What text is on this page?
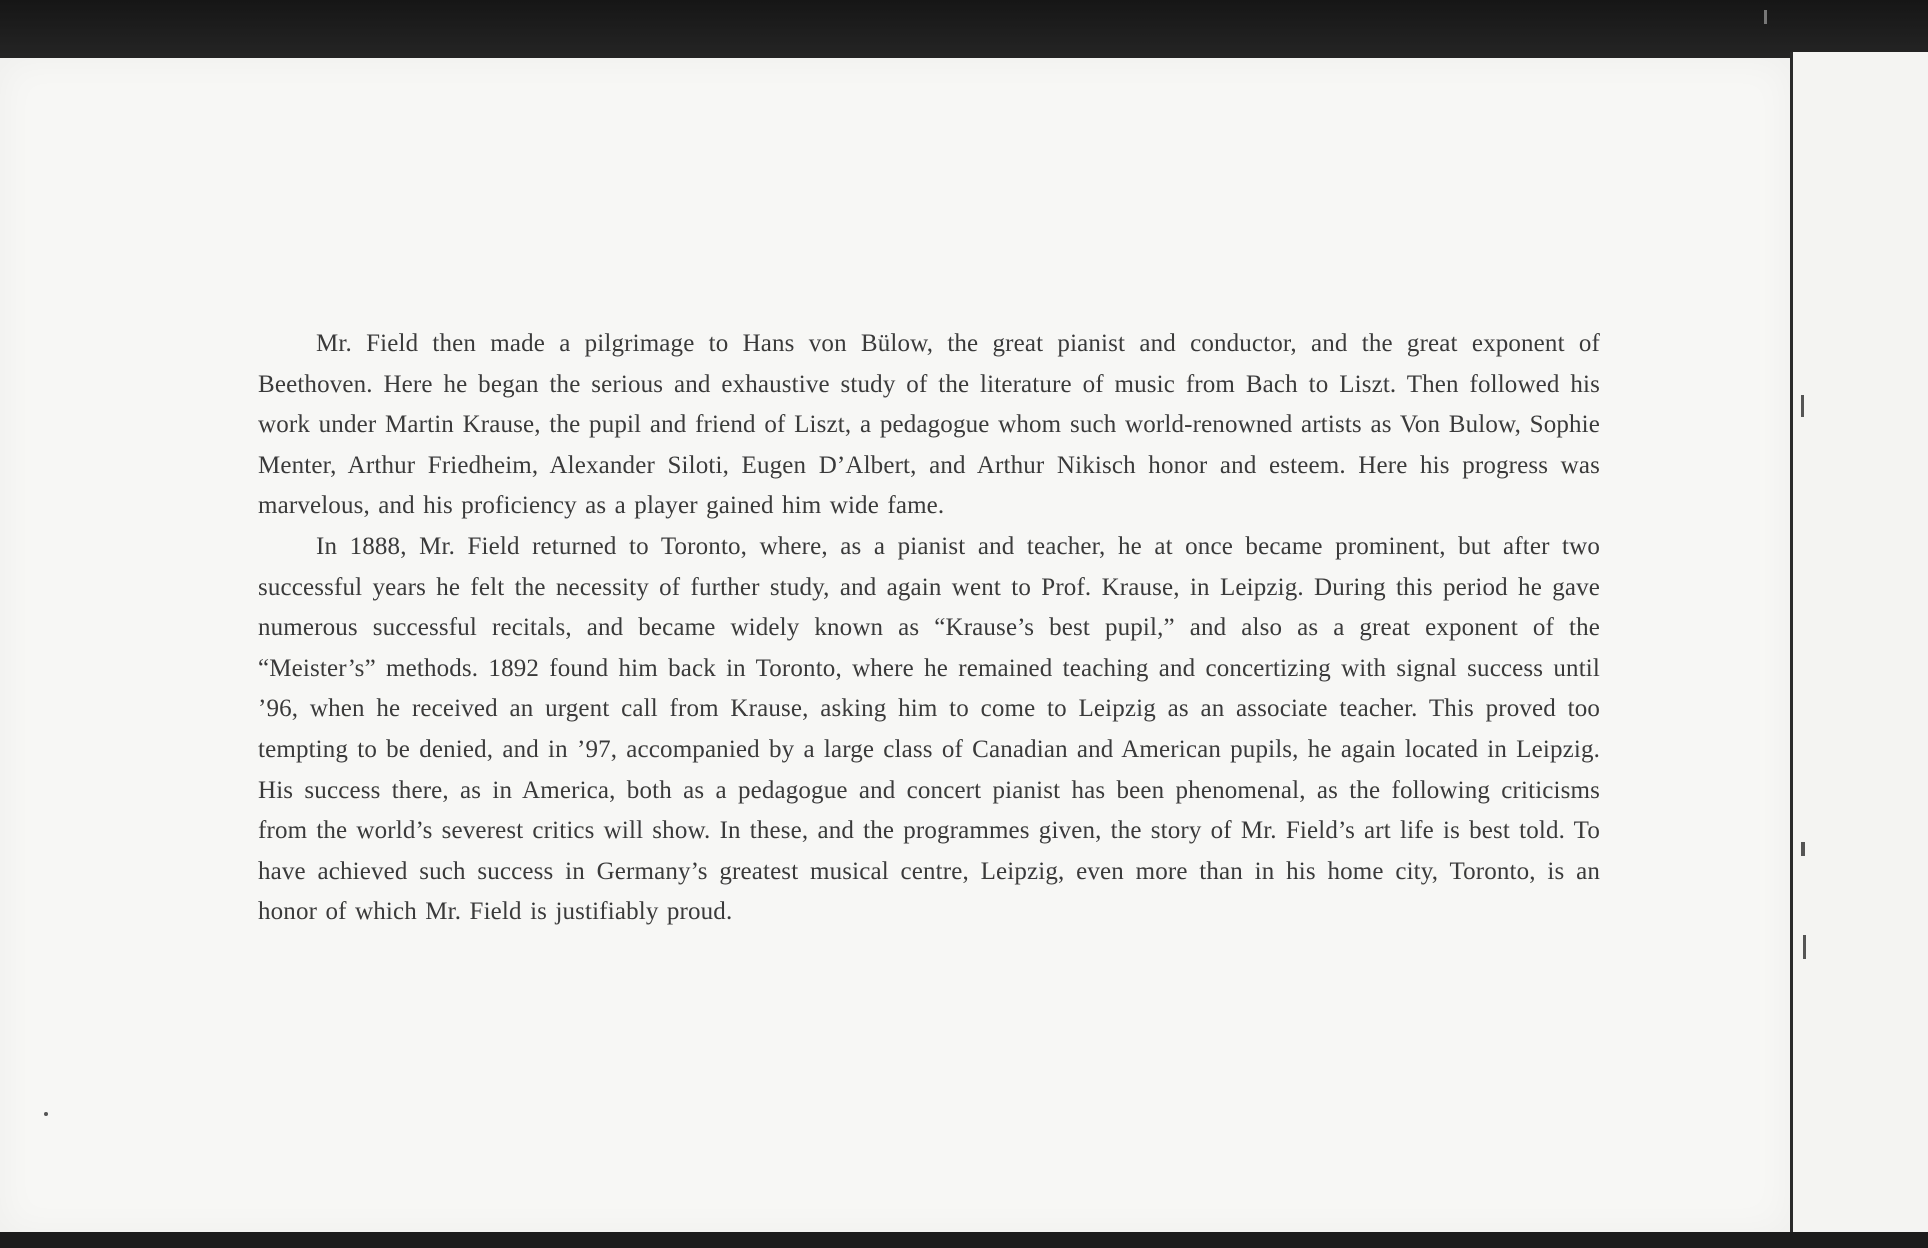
Mr. Field then made a pilgrimage to Hans von Bülow, the great pianist and conductor, and the great exponent of Beethoven. Here he began the serious and exhaustive study of the literature of music from Bach to Liszt. Then followed his work under Martin Krause, the pupil and friend of Liszt, a pedagogue whom such world-renowned artists as Von Bulow, Sophie Menter, Arthur Friedheim, Alexander Siloti, Eugen D’Albert, and Arthur Nikisch honor and esteem. Here his progress was marvelous, and his proficiency as a player gained him wide fame.

In 1888, Mr. Field returned to Toronto, where, as a pianist and teacher, he at once became prominent, but after two successful years he felt the necessity of further study, and again went to Prof. Krause, in Leipzig. During this period he gave numerous successful recitals, and became widely known as “Krause’s best pupil,” and also as a great exponent of the “Meister’s” methods. 1892 found him back in Toronto, where he remained teaching and concertizing with signal success until ’96, when he received an urgent call from Krause, asking him to come to Leipzig as an associate teacher. This proved too tempting to be denied, and in ’97, accompanied by a large class of Canadian and American pupils, he again located in Leipzig. His success there, as in America, both as a pedagogue and concert pianist has been phenomenal, as the following criticisms from the world’s severest critics will show. In these, and the programmes given, the story of Mr. Field’s art life is best told. To have achieved such success in Germany’s greatest musical centre, Leipzig, even more than in his home city, Toronto, is an honor of which Mr. Field is justifiably proud.
